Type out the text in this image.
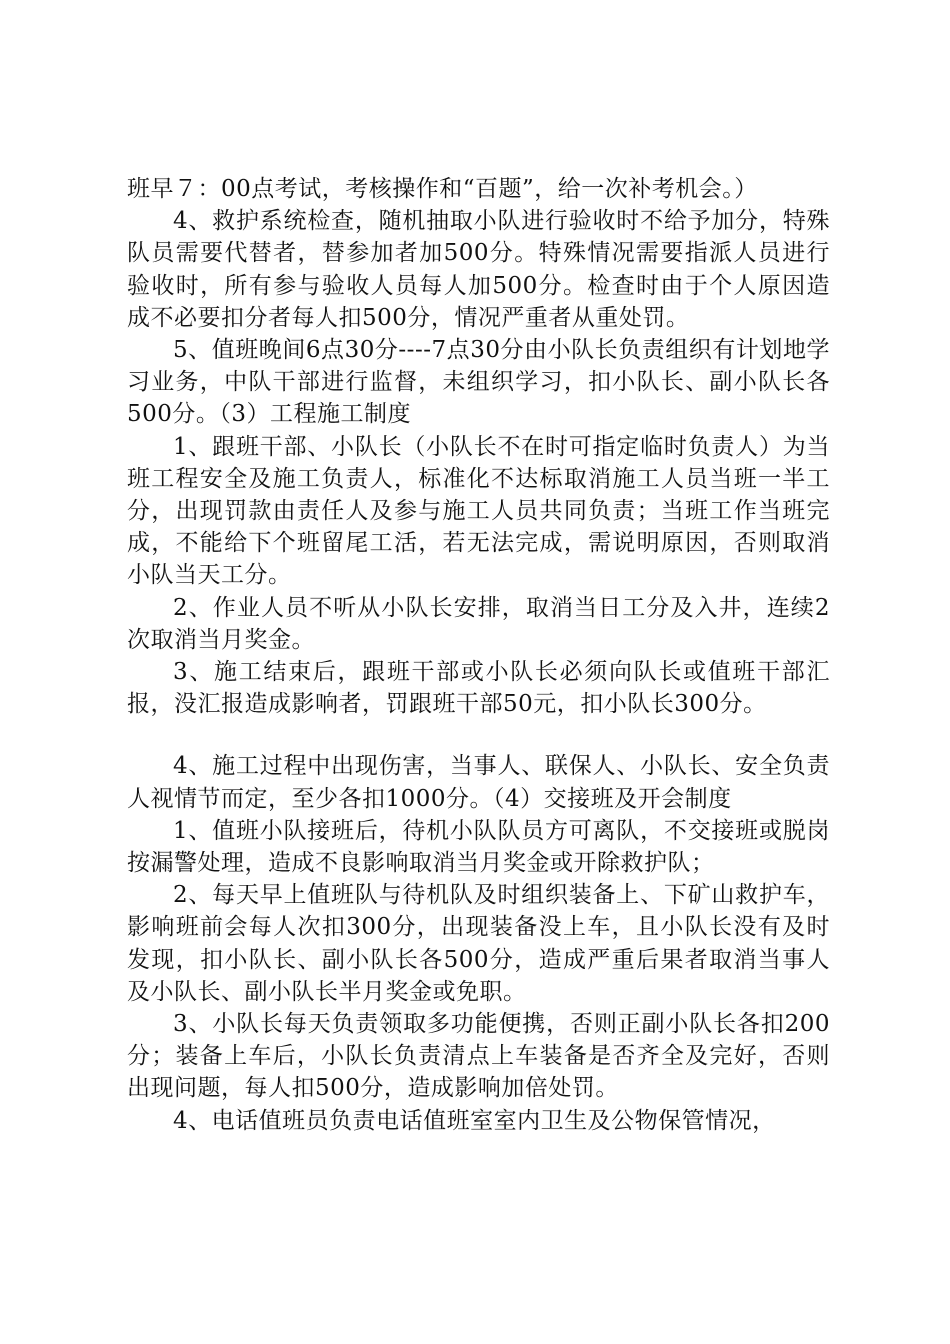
班早７：00点考试，考核操作和“百题”，给一次补考机会。）

4、救护系统检查，随机抽取小队进行验收时不给予加分，特殊队员需要代替者，替参加者加500分。特殊情况需要指派人员进行验收时，所有参与验收人员每人加500分。检查时由于个人原因造成不必要扣分者每人扣500分，情况严重者从重处罚。

5、值班晚间6点30分----7点30分由小队长负责组织有计划地学习业务，中队干部进行监督，未组织学习，扣小队长、副小队长各500分。（3）工程施工制度

1、跟班干部、小队长（小队长不在时可指定临时负责人）为当班工程安全及施工负责人，标准化不达标取消施工人员当班一半工分，出现罚款由责任人及参与施工人员共同负责；当班工作当班完成，不能给下个班留尾工活，若无法完成，需说明原因，否则取消小队当天工分。

2、作业人员不听从小队长安排，取消当日工分及入井，连续2次取消当月奖金。

3、施工结束后，跟班干部或小队长必须向队长或值班干部汇报，没汇报造成影响者，罚跟班干部50元，扣小队长300分。

4、施工过程中出现伤害，当事人、联保人、小队长、安全负责人视情节而定，至少各扣1000分。（4）交接班及开会制度

1、值班小队接班后，待机小队队员方可离队，不交接班或脱岗按漏警处理，造成不良影响取消当月奖金或开除救护队；

2、每天早上值班队与待机队及时组织装备上、下矿山救护车，影响班前会每人次扣300分，出现装备没上车，且小队长没有及时发现，扣小队长、副小队长各500分，造成严重后果者取消当事人及小队长、副小队长半月奖金或免职。

3、小队长每天负责领取多功能便携，否则正副小队长各扣200分；装备上车后，小队长负责清点上车装备是否齐全及完好，否则出现问题，每人扣500分，造成影响加倍处罚。

4、电话值班员负责电话值班室室内卫生及公物保管情况，
